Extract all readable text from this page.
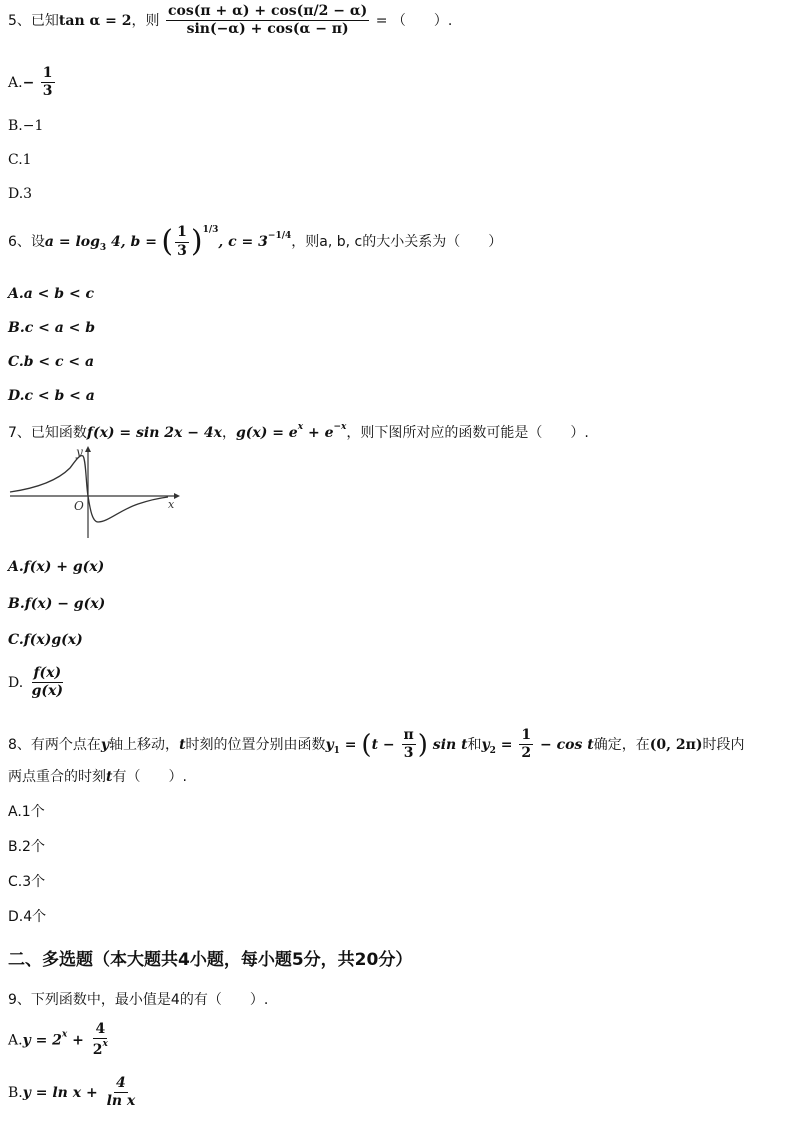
5、已知tan α = 2，则 $\frac{\cos(\pi + \alpha) + \cos(\pi/2 - \alpha)}{\sin(-\alpha) + \cos(\alpha - \pi)}$ = （　　）.
$A.- \frac{1}{3}$
B.−1
C.1
D.3
6、设$a = \log_3 4$, b = ( $\frac{1}{3} )^{1/3}$, $c = 3^{-1/4}$，则a, b, c的大小关系为（　　）
A.a < b < c
B.c < a < b
C.b < c < a
D.c < b < a
7、已知函数f(x) = sin 2x − 4x，$g(x) = e^x + e^{-x}$，则下图所对应的函数可能是（　　）.
y
x
O
A.f(x) + g(x)
B.f(x) − g(x)
C.f(x)g(x)
D. $\frac{f(x)}{g(x)}$
8、有两个点在y轴上移动，t时刻的位置分别由函数$y_1 = (t - \frac{\pi}{3}$ ) sin t和$y_2 = \frac{1}{2} - \cos t$确定，在(0, 2π)时段内
两点重合的时刻t有（　　）.
A.1个
B.2个
C.3个
D.4个
二、多选题（本大题共4小题，每小题5分，共20分）
9、下列函数中，最小值是4的有（　　）.
$A.y = 2^x + \frac{4}{2^x}$
$B.y = \ln x + \frac{4}{\text{ln x}}$
